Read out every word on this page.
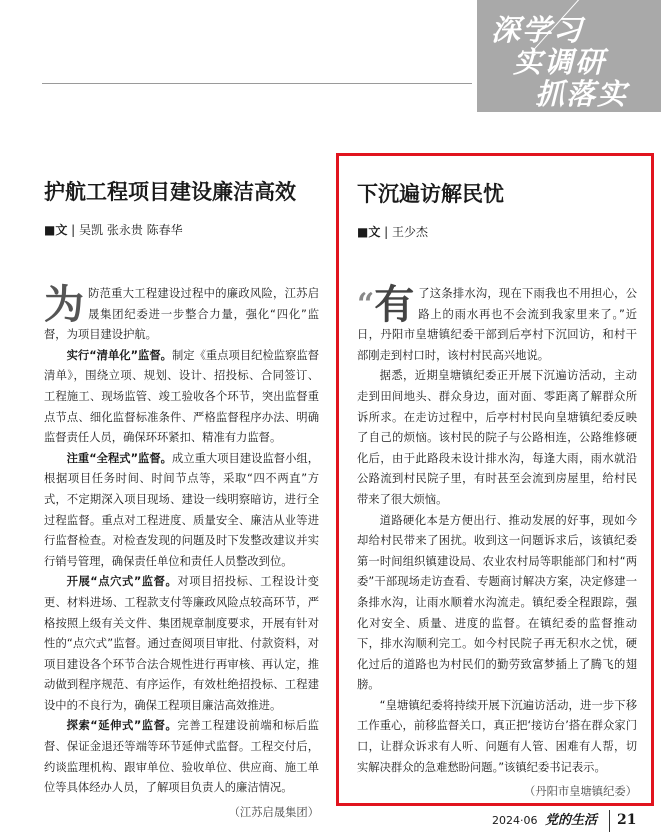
深学习
实调研
抓落实
护航工程项目建设廉洁高效
■文 | 吴凯 张永贵 陈春华

为防范重大工程建设过程中的廉政风险，江苏启晟集团纪委进一步整合力量，强化“四化”监督，为项目建设护航。

实行“清单化”监督。制定《重点项目纪检监察监督清单》，围绕立项、规划、设计、招投标、合同签订、工程施工、现场监管、竣工验收各个环节，突出监督重点节点、细化监督标准条件、严格监督程序办法、明确监督责任人员，确保环环紧扣、精准有力监督。

注重“全程式”监督。成立重大项目建设监督小组，根据项目任务时间、时间节点等，采取“四不两直”方式，不定期深入项目现场、建设一线明察暗访，进行全过程监督。重点对工程进度、质量安全、廉洁从业等进行监督检查。对检查发现的问题及时下发整改建议并实行销号管理，确保责任单位和责任人员整改到位。

开展“点穴式”监督。对项目招投标、工程设计变更、材料进场、工程款支付等廉政风险点较高环节，严格按照上级有关文件、集团规章制度要求，开展有针对性的“点穴式”监督。通过查阅项目审批、付款资料，对项目建设各个环节合法合规性进行再审核、再认定，推动做到程序规范、有序运作，有效杜绝招投标、工程建设中的不良行为，确保工程项目廉洁高效推进。

探索“延伸式”监督。完善工程建设前端和标后监督、保证金退还等端等环节延伸式监督。工程交付后，约谈监理机构、跟审单位、验收单位、供应商、施工单位等具体经办人员，了解项目负责人的廉洁情况。

（江苏启晟集团）

下沉遍访解民忧
■文 | 王少杰

“有 了这条排水沟，现在下雨我也不用担心，公路上的雨水再也不会流到我家里来了。”近日，丹阳市皇塘镇纪委干部到后亭村下沉回访，和村干部刚走到村口时，该村村民高兴地说。

据悉，近期皇塘镇纪委正开展下沉遍访活动，主动走到田间地头、群众身边，面对面、零距离了解群众所诉所求。在走访过程中，后亭村村民向皇塘镇纪委反映了自己的烦恼。该村民的院子与公路相连，公路维修硬化后，由于此路段未设计排水沟，每逢大雨，雨水就沿公路流到村民院子里，有时甚至会流到房屋里，给村民带来了很大烦恼。

道路硬化本是方便出行、推动发展的好事，现如今却给村民带来了困扰。收到这一问题诉求后，该镇纪委第一时间组织镇建设局、农业农村局等职能部门和村“两委”干部现场走访查看、专题商讨解决方案，决定修建一条排水沟，让雨水顺着水沟流走。镇纪委全程跟踪，强化对安全、质量、进度的监督。在镇纪委的监督推动下，排水沟顺利完工。如今村民院子再无积水之忧，硬化过后的道路也为村民们的勤劳致富梦插上了腾飞的翅膀。

“皇塘镇纪委将持续开展下沉遍访活动，进一步下移工作重心，前移监督关口，真正把‘接访台’搭在群众家门口，让群众诉求有人听、问题有人管、困难有人帮，切实解决群众的急难愁盼问题。”该镇纪委书记表示。

（丹阳市皇塘镇纪委）

2024·06 党的生活 21
